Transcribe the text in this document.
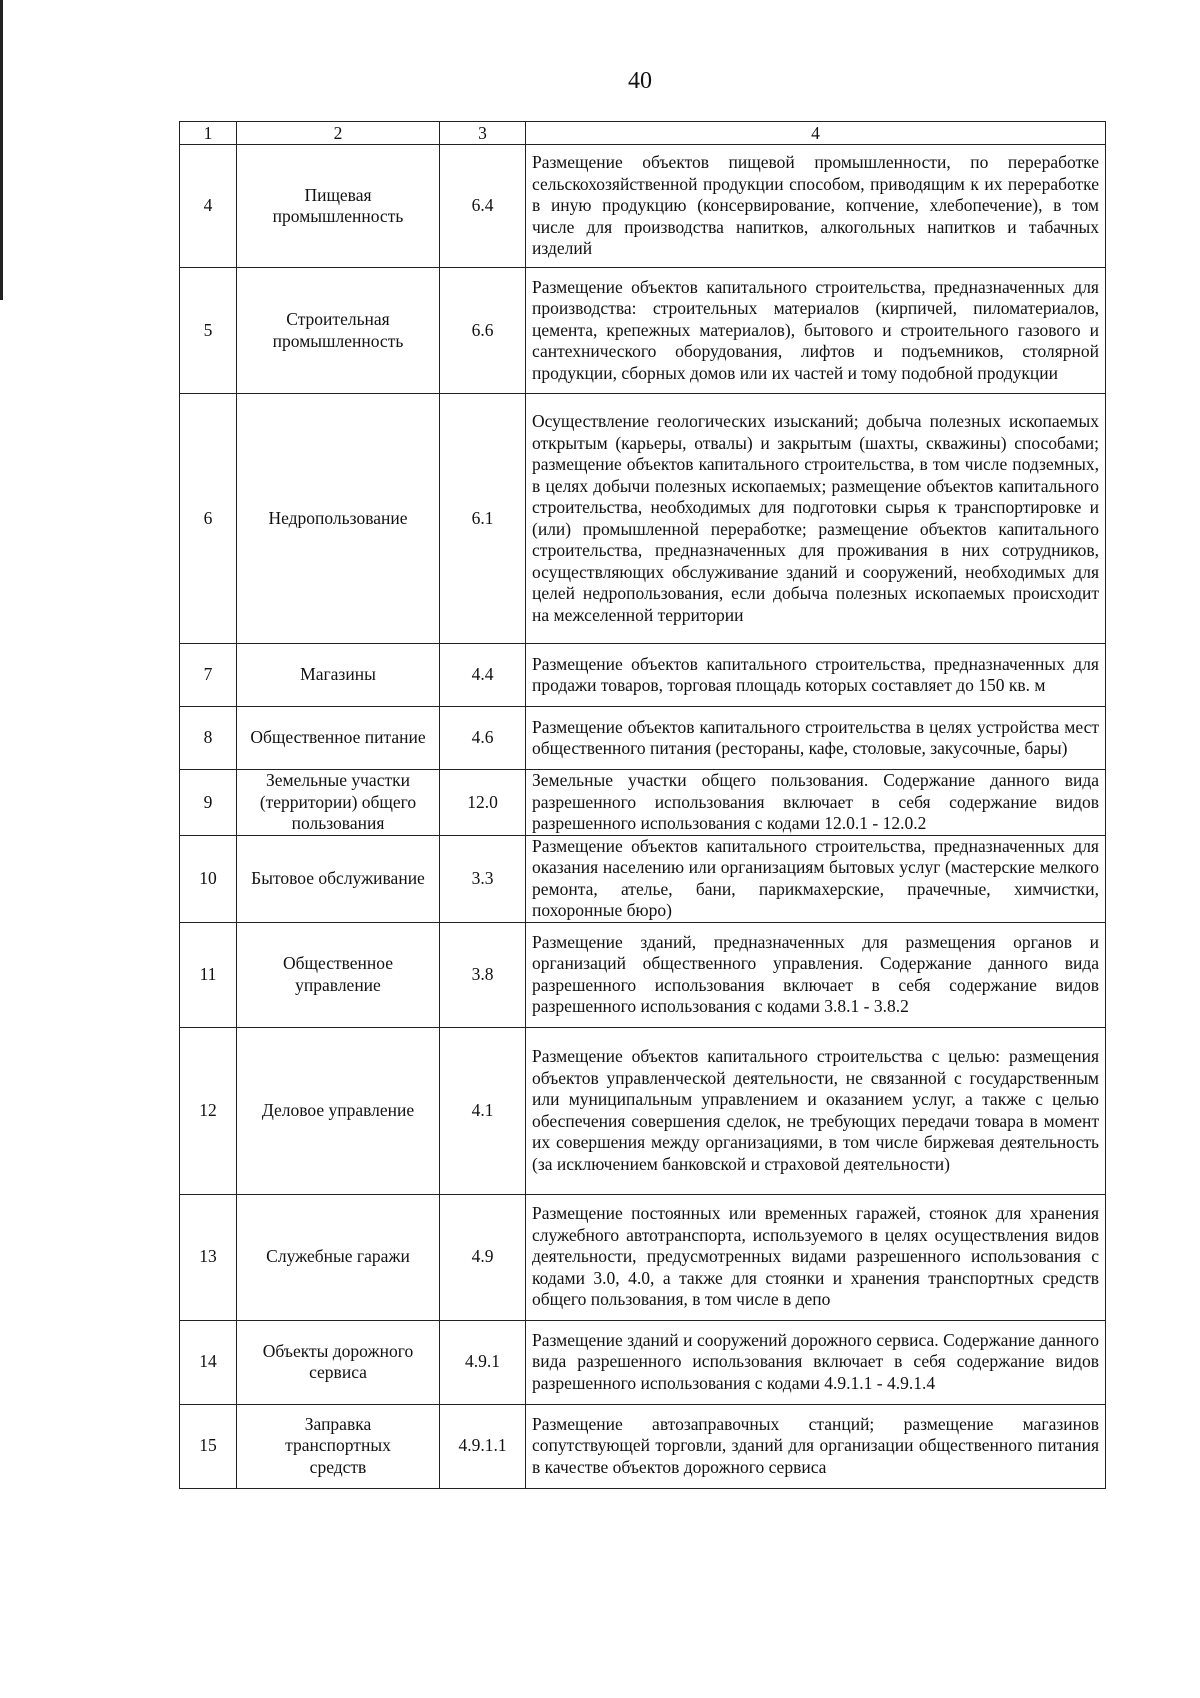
40
1	2	3	4
4	Пищевая промышленность	6.4	Размещение объектов пищевой промышленности, по переработке сельскохозяйственной продукции способом, приводящим к их переработке в иную продукцию (консервирование, копчение, хлебопечение), в том числе для производства напитков, алкогольных напитков и табачных изделий
5	Строительная промышленность	6.6	Размещение объектов капитального строительства, предназначенных для производства: строительных материалов (кирпичей, пиломатериалов, цемента, крепежных материалов), бытового и строительного газового и сантехнического оборудования, лифтов и подъемников, столярной продукции, сборных домов или их частей и тому подобной продукции
6	Недропользование	6.1	Осуществление геологических изысканий; добыча полезных ископаемых открытым (карьеры, отвалы) и закрытым (шахты, скважины) способами; размещение объектов капитального строительства, в том числе подземных, в целях добычи полезных ископаемых; размещение объектов капитального строительства, необходимых для подготовки сырья к транспортировке и (или) промышленной переработке; размещение объектов капитального строительства, предназначенных для проживания в них сотрудников, осуществляющих обслуживание зданий и сооружений, необходимых для целей недропользования, если добыча полезных ископаемых происходит на межселенной территории
7	Магазины	4.4	Размещение объектов капитального строительства, предназначенных для продажи товаров, торговая площадь которых составляет до 150 кв. м
8	Общественное питание	4.6	Размещение объектов капитального строительства в целях устройства мест общественного питания (рестораны, кафе, столовые, закусочные, бары)
9	Земельные участки (территории) общего пользования	12.0	Земельные участки общего пользования. Содержание данного вида разрешенного использования включает в себя содержание видов разрешенного использования с кодами 12.0.1 - 12.0.2
10	Бытовое обслуживание	3.3	Размещение объектов капитального строительства, предназначенных для оказания населению или организациям бытовых услуг (мастерские мелкого ремонта, ателье, бани, парикмахерские, прачечные, химчистки, похоронные бюро)
11	Общественное управление	3.8	Размещение зданий, предназначенных для размещения органов и организаций общественного управления. Содержание данного вида разрешенного использования включает в себя содержание видов разрешенного использования с кодами 3.8.1 - 3.8.2
12	Деловое управление	4.1	Размещение объектов капитального строительства с целью: размещения объектов управленческой деятельности, не связанной с государственным или муниципальным управлением и оказанием услуг, а также с целью обеспечения совершения сделок, не требующих передачи товара в момент их совершения между организациями, в том числе биржевая деятельность (за исключением банковской и страховой деятельности)
13	Служебные гаражи	4.9	Размещение постоянных или временных гаражей, стоянок для хранения служебного автотранспорта, используемого в целях осуществления видов деятельности, предусмотренных видами разрешенного использования с кодами 3.0, 4.0, а также для стоянки и хранения транспортных средств общего пользования, в том числе в депо
14	Объекты дорожного сервиса	4.9.1	Размещение зданий и сооружений дорожного сервиса. Содержание данного вида разрешенного использования включает в себя содержание видов разрешенного использования с кодами 4.9.1.1 - 4.9.1.4
15	Заправка транспортных средств	4.9.1.1	Размещение автозаправочных станций; размещение магазинов сопутствующей торговли, зданий для организации общественного питания в качестве объектов дорожного сервиса
